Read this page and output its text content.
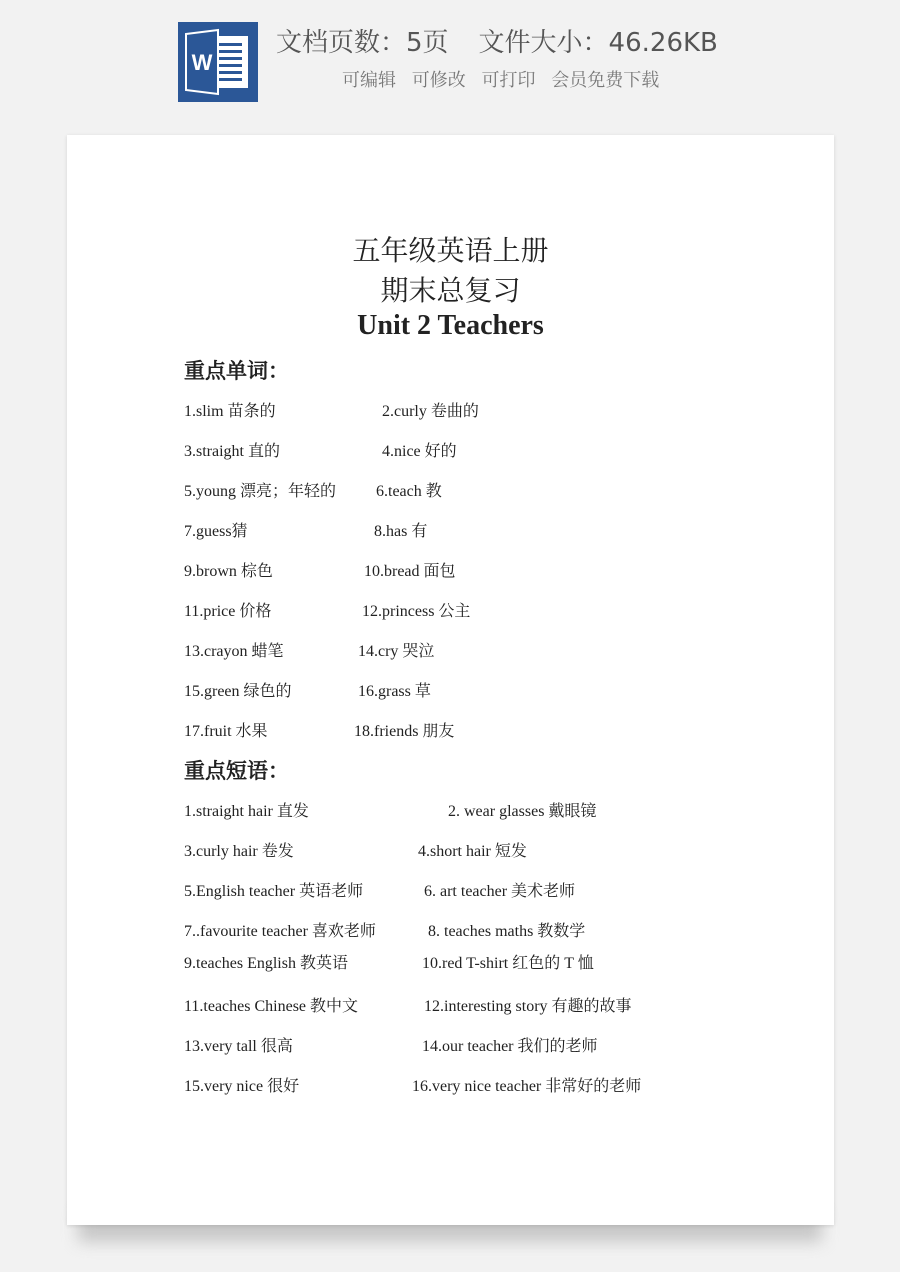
W
文档页数：5页 文件大小：46.26KB
可编辑 可修改 可打印 会员免费下载
五年级英语上册
期末总复习
Unit 2 Teachers
重点单词：
1.slim 苗条的	2.curly 卷曲的
3.straight 直的	4.nice 好的
5.young 漂亮；年轻的 6.teach 教
7.guess猜	8.has 有
9.brown 棕色	10.bread 面包
11.price 价格	12.princess 公主
13.crayon 蜡笔	14.cry 哭泣
15.green 绿色的	16.grass 草
17.fruit 水果	18.friends 朋友
重点短语：
1.straight hair 直发	2. wear glasses 戴眼镜
3.curly hair 卷发	4.short hair 短发
5.English teacher 英语老师	6. art teacher 美术老师
7..favourite teacher 喜欢老师	8. teaches maths 教数学
9.teaches English 教英语	10.red T-shirt 红色的 T 恤
11.teaches Chinese 教中文	12.interesting story 有趣的故事
13.very tall 很高	14.our teacher 我们的老师
15.very nice 很好	16.very nice teacher 非常好的老师
